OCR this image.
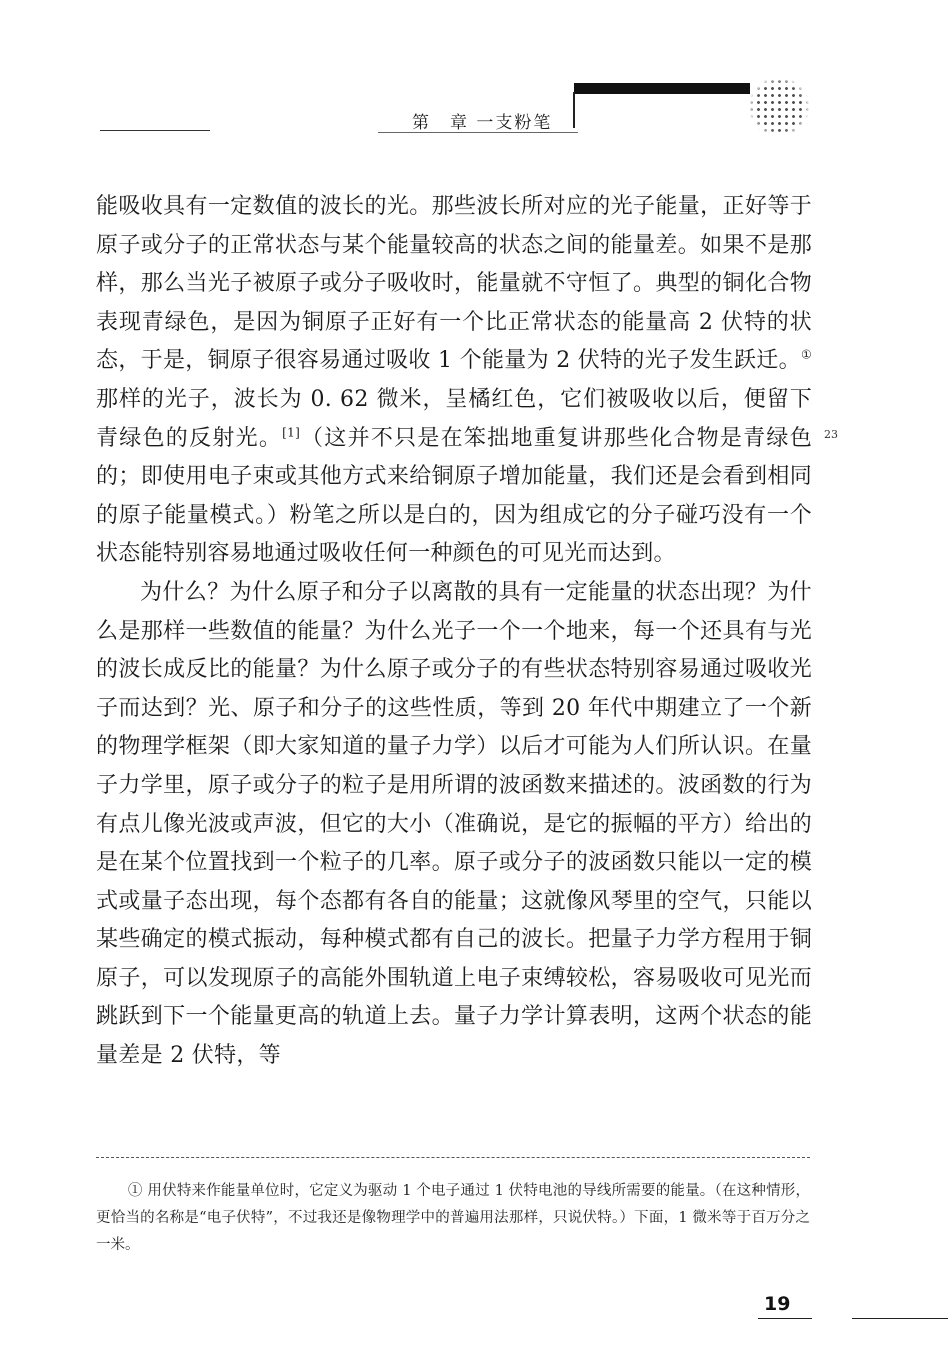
第　章 一支粉笔
23

能吸收具有一定数值的波长的光。那些波长所对应的光子能量，正好等于原子或分子的正常状态与某个能量较高的状态之间的能量差。如果不是那样，那么当光子被原子或分子吸收时，能量就不守恒了。典型的铜化合物表现青绿色，是因为铜原子正好有一个比正常状态的能量高 2 伏特的状态，于是，铜原子很容易通过吸收 1 个能量为 2 伏特的光子发生跃迁。①那样的光子，波长为 0. 62 微米，呈橘红色，它们被吸收以后，便留下青绿色的反射光。[1]（这并不只是在笨拙地重复讲那些化合物是青绿色的；即使用电子束或其他方式来给铜原子增加能量，我们还是会看到相同的原子能量模式。）粉笔之所以是白的，因为组成它的分子碰巧没有一个状态能特别容易地通过吸收任何一种颜色的可见光而达到。

为什么？为什么原子和分子以离散的具有一定能量的状态出现？为什么是那样一些数值的能量？为什么光子一个一个地来，每一个还具有与光的波长成反比的能量？为什么原子或分子的有些状态特别容易通过吸收光子而达到？光、原子和分子的这些性质，等到 20 年代中期建立了一个新的物理学框架（即大家知道的量子力学）以后才可能为人们所认识。在量子力学里，原子或分子的粒子是用所谓的波函数来描述的。波函数的行为有点儿像光波或声波，但它的大小（准确说，是它的振幅的平方）给出的是在某个位置找到一个粒子的几率。原子或分子的波函数只能以一定的模式或量子态出现，每个态都有各自的能量；这就像风琴里的空气，只能以某些确定的模式振动，每种模式都有自己的波长。把量子力学方程用于铜原子，可以发现原子的高能外围轨道上电子束缚较松，容易吸收可见光而跳跃到下一个能量更高的轨道上去。量子力学计算表明，这两个状态的能量差是 2 伏特，等

① 用伏特来作能量单位时，它定义为驱动 1 个电子通过 1 伏特电池的导线所需要的能量。（在这种情形，更恰当的名称是“电子伏特”，不过我还是像物理学中的普遍用法那样，只说伏特。）下面，1 微米等于百万分之一米。

19
